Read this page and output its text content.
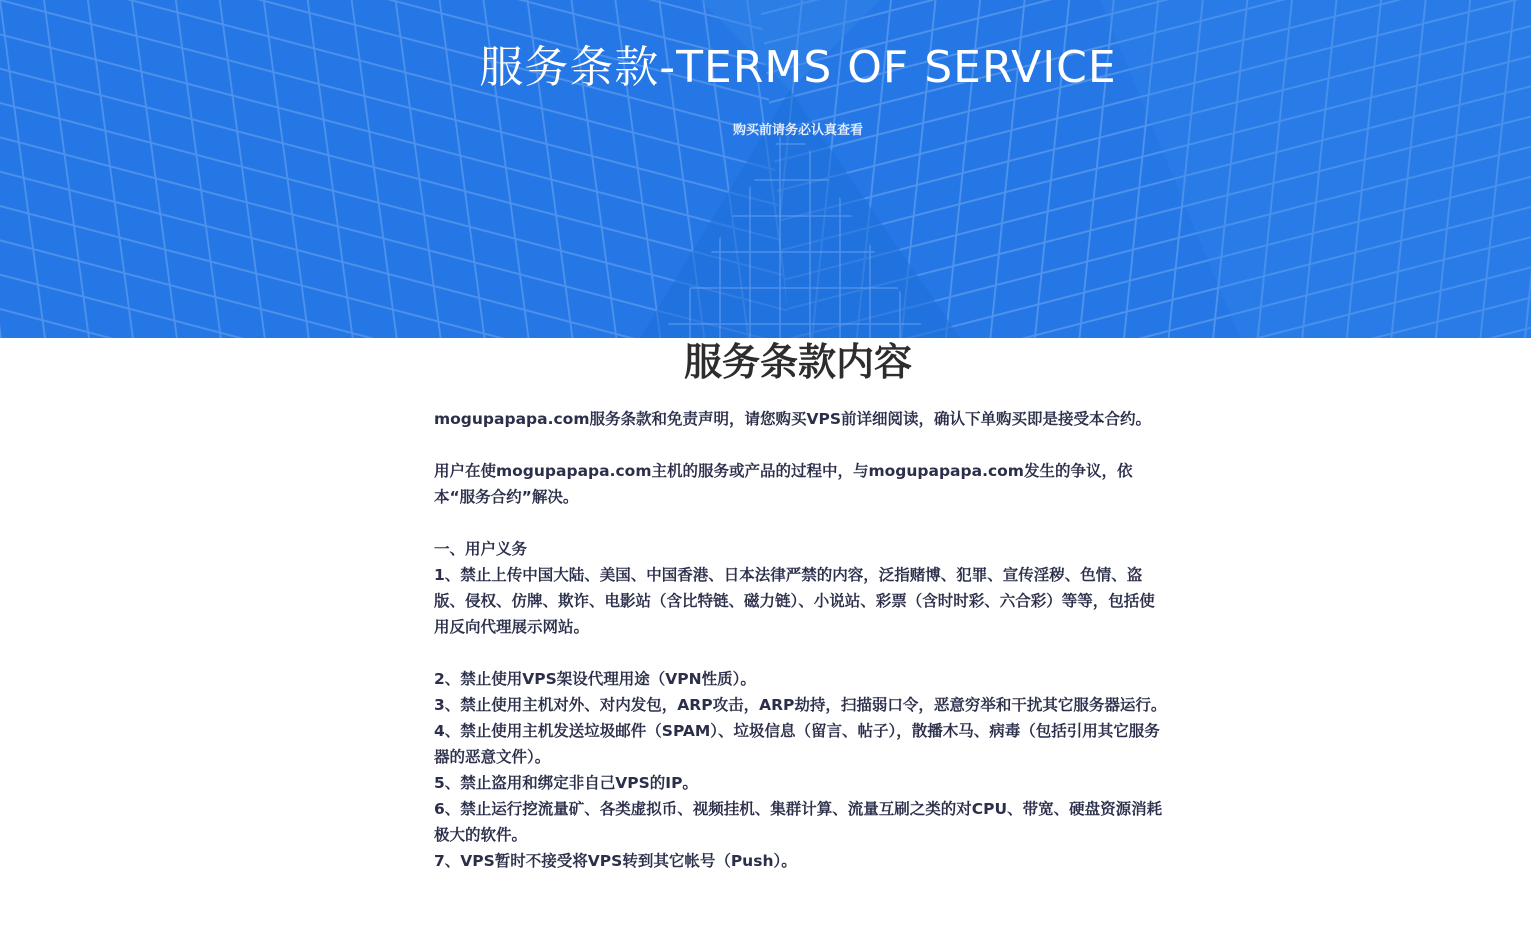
服务条款-TERMS OF SERVICE
购买前请务必认真查看
服务条款内容

mogupapapa.com服务条款和免责声明，请您购买VPS前详细阅读，确认下单购买即是接受本合约。

用户在使mogupapapa.com主机的服务或产品的过程中，与mogupapapa.com发生的争议，依本“服务合约”解决。

一、用户义务

1、禁止上传中国大陆、美国、中国香港、日本法律严禁的内容，泛指赌博、犯罪、宣传淫秽、色情、盗版、侵权、仿牌、欺诈、电影站（含比特链、磁力链）、小说站、彩票（含时时彩、六合彩）等等，包括使用反向代理展示网站。

2、禁止使用VPS架设代理用途（VPN性质）。

3、禁止使用主机对外、对内发包，ARP攻击，ARP劫持，扫描弱口令，恶意穷举和干扰其它服务器运行。

4、禁止使用主机发送垃圾邮件（SPAM）、垃圾信息（留言、帖子），散播木马、病毒（包括引用其它服务器的恶意文件）。

5、禁止盗用和绑定非自己VPS的IP。

6、禁止运行挖流量矿、各类虚拟币、视频挂机、集群计算、流量互刷之类的对CPU、带宽、硬盘资源消耗极大的软件。

7、VPS暂时不接受将VPS转到其它帐号（Push）。
